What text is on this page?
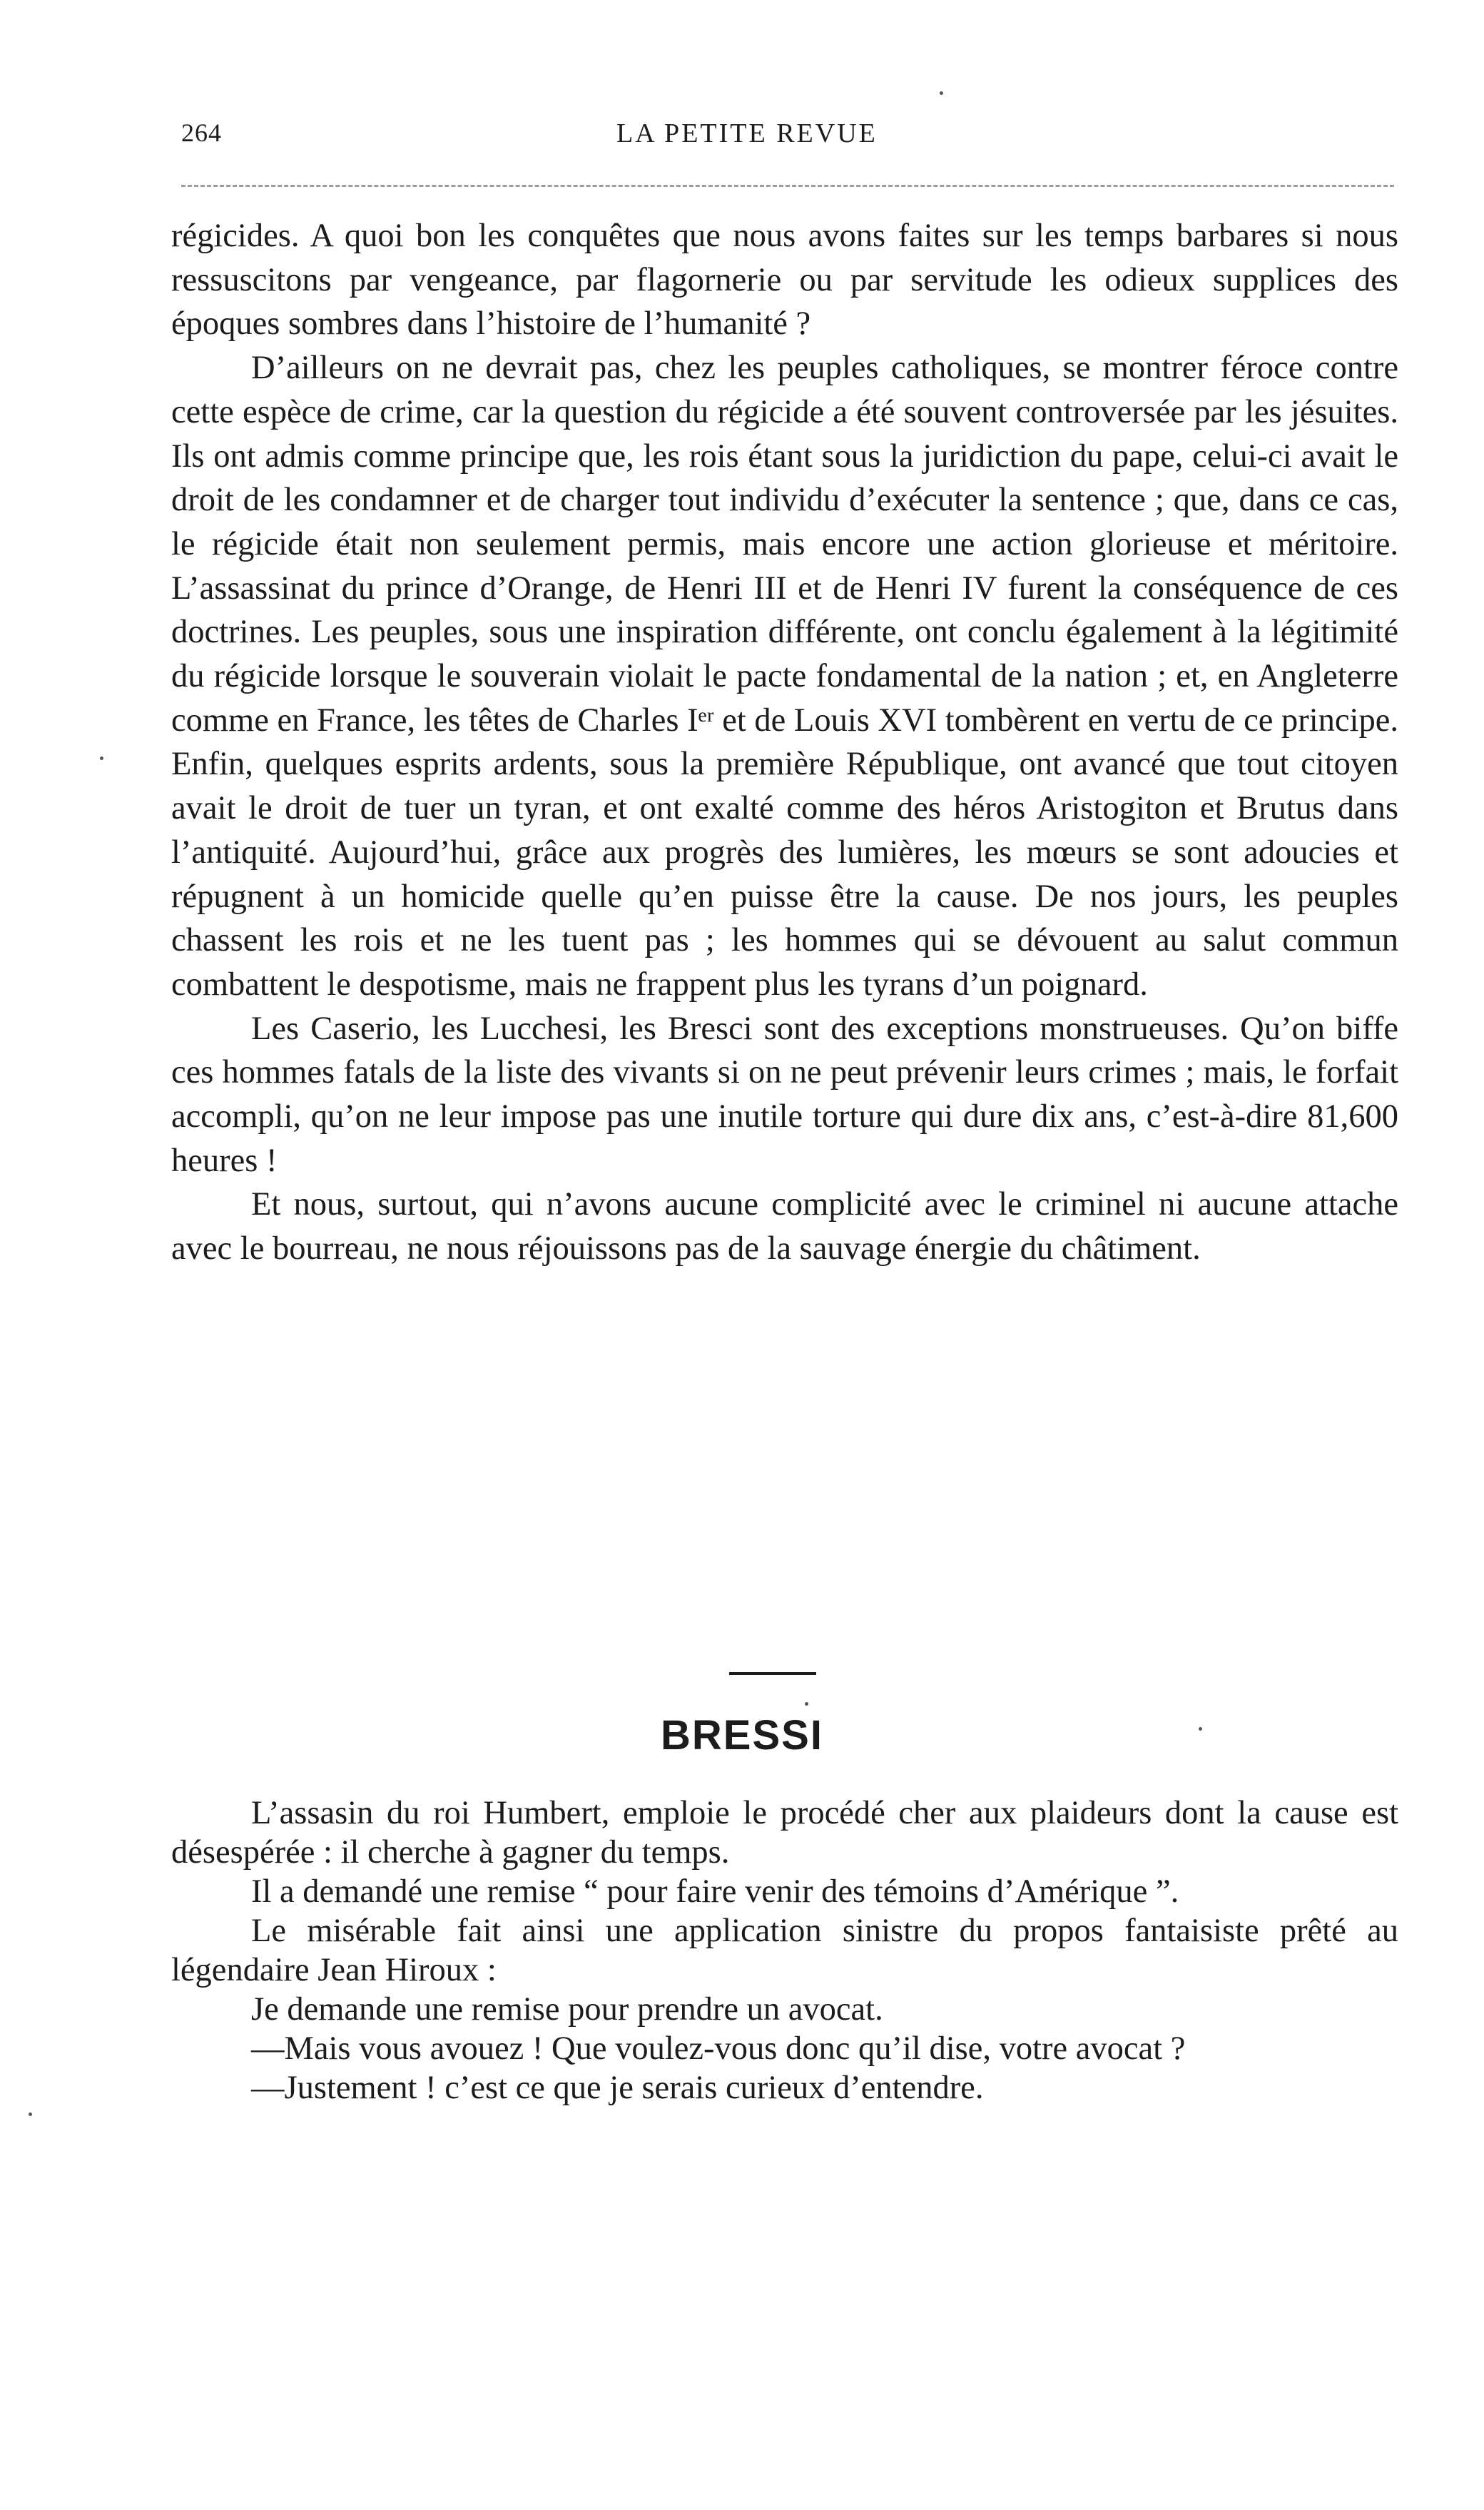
264	LA PETITE REVUE

régicides. A quoi bon les conquêtes que nous avons faites sur les temps barbares si nous ressuscitons par vengeance, par flagornerie ou par servitude les odieux supplices des époques sombres dans l’histoire de l’humanité ?

D’ailleurs on ne devrait pas, chez les peuples catholiques, se montrer féroce contre cette espèce de crime, car la question du régicide a été souvent controversée par les jésuites. Ils ont admis comme principe que, les rois étant sous la juridiction du pape, celui-ci avait le droit de les condamner et de charger tout individu d’exécuter la sentence ; que, dans ce cas, le régicide était non seulement permis, mais encore une action glorieuse et méritoire. L’assassinat du prince d’Orange, de Henri III et de Henri IV furent la conséquence de ces doctrines. Les peuples, sous une inspiration différente, ont conclu également à la légitimité du régicide lorsque le souverain violait le pacte fondamental de la nation ; et, en Angleterre comme en France, les têtes de Charles Iᵉʳ et de Louis XVI tombèrent en vertu de ce principe. Enfin, quelques esprits ardents, sous la première République, ont avancé que tout citoyen avait le droit de tuer un tyran, et ont exalté comme des héros Aristogiton et Brutus dans l’antiquité. Aujourd’hui, grâce aux progrès des lumières, les mœurs se sont adoucies et répugnent à un homicide quelle qu’en puisse être la cause. De nos jours, les peuples chassent les rois et ne les tuent pas ; les hommes qui se dévouent au salut commun combattent le despotisme, mais ne frappent plus les tyrans d’un poignard.

Les Caserio, les Lucchesi, les Bresci sont des exceptions monstrueuses. Qu’on biffe ces hommes fatals de la liste des vivants si on ne peut prévenir leurs crimes ; mais, le forfait accompli, qu’on ne leur impose pas une inutile torture qui dure dix ans, c’est-à-dire 81,600 heures !

Et nous, surtout, qui n’avons aucune complicité avec le criminel ni aucune attache avec le bourreau, ne nous réjouissons pas de la sauvage énergie du châtiment.

BRESSI

L’assasin du roi Humbert, emploie le procédé cher aux plaideurs dont la cause est désespérée : il cherche à gagner du temps.

Il a demandé une remise “ pour faire venir des témoins d’Amérique ”.

Le misérable fait ainsi une application sinistre du propos fantaisiste prêté au légendaire Jean Hiroux :

Je demande une remise pour prendre un avocat.

—Mais vous avouez ! Que voulez-vous donc qu’il dise, votre avocat ?

—Justement ! c’est ce que je serais curieux d’entendre.
